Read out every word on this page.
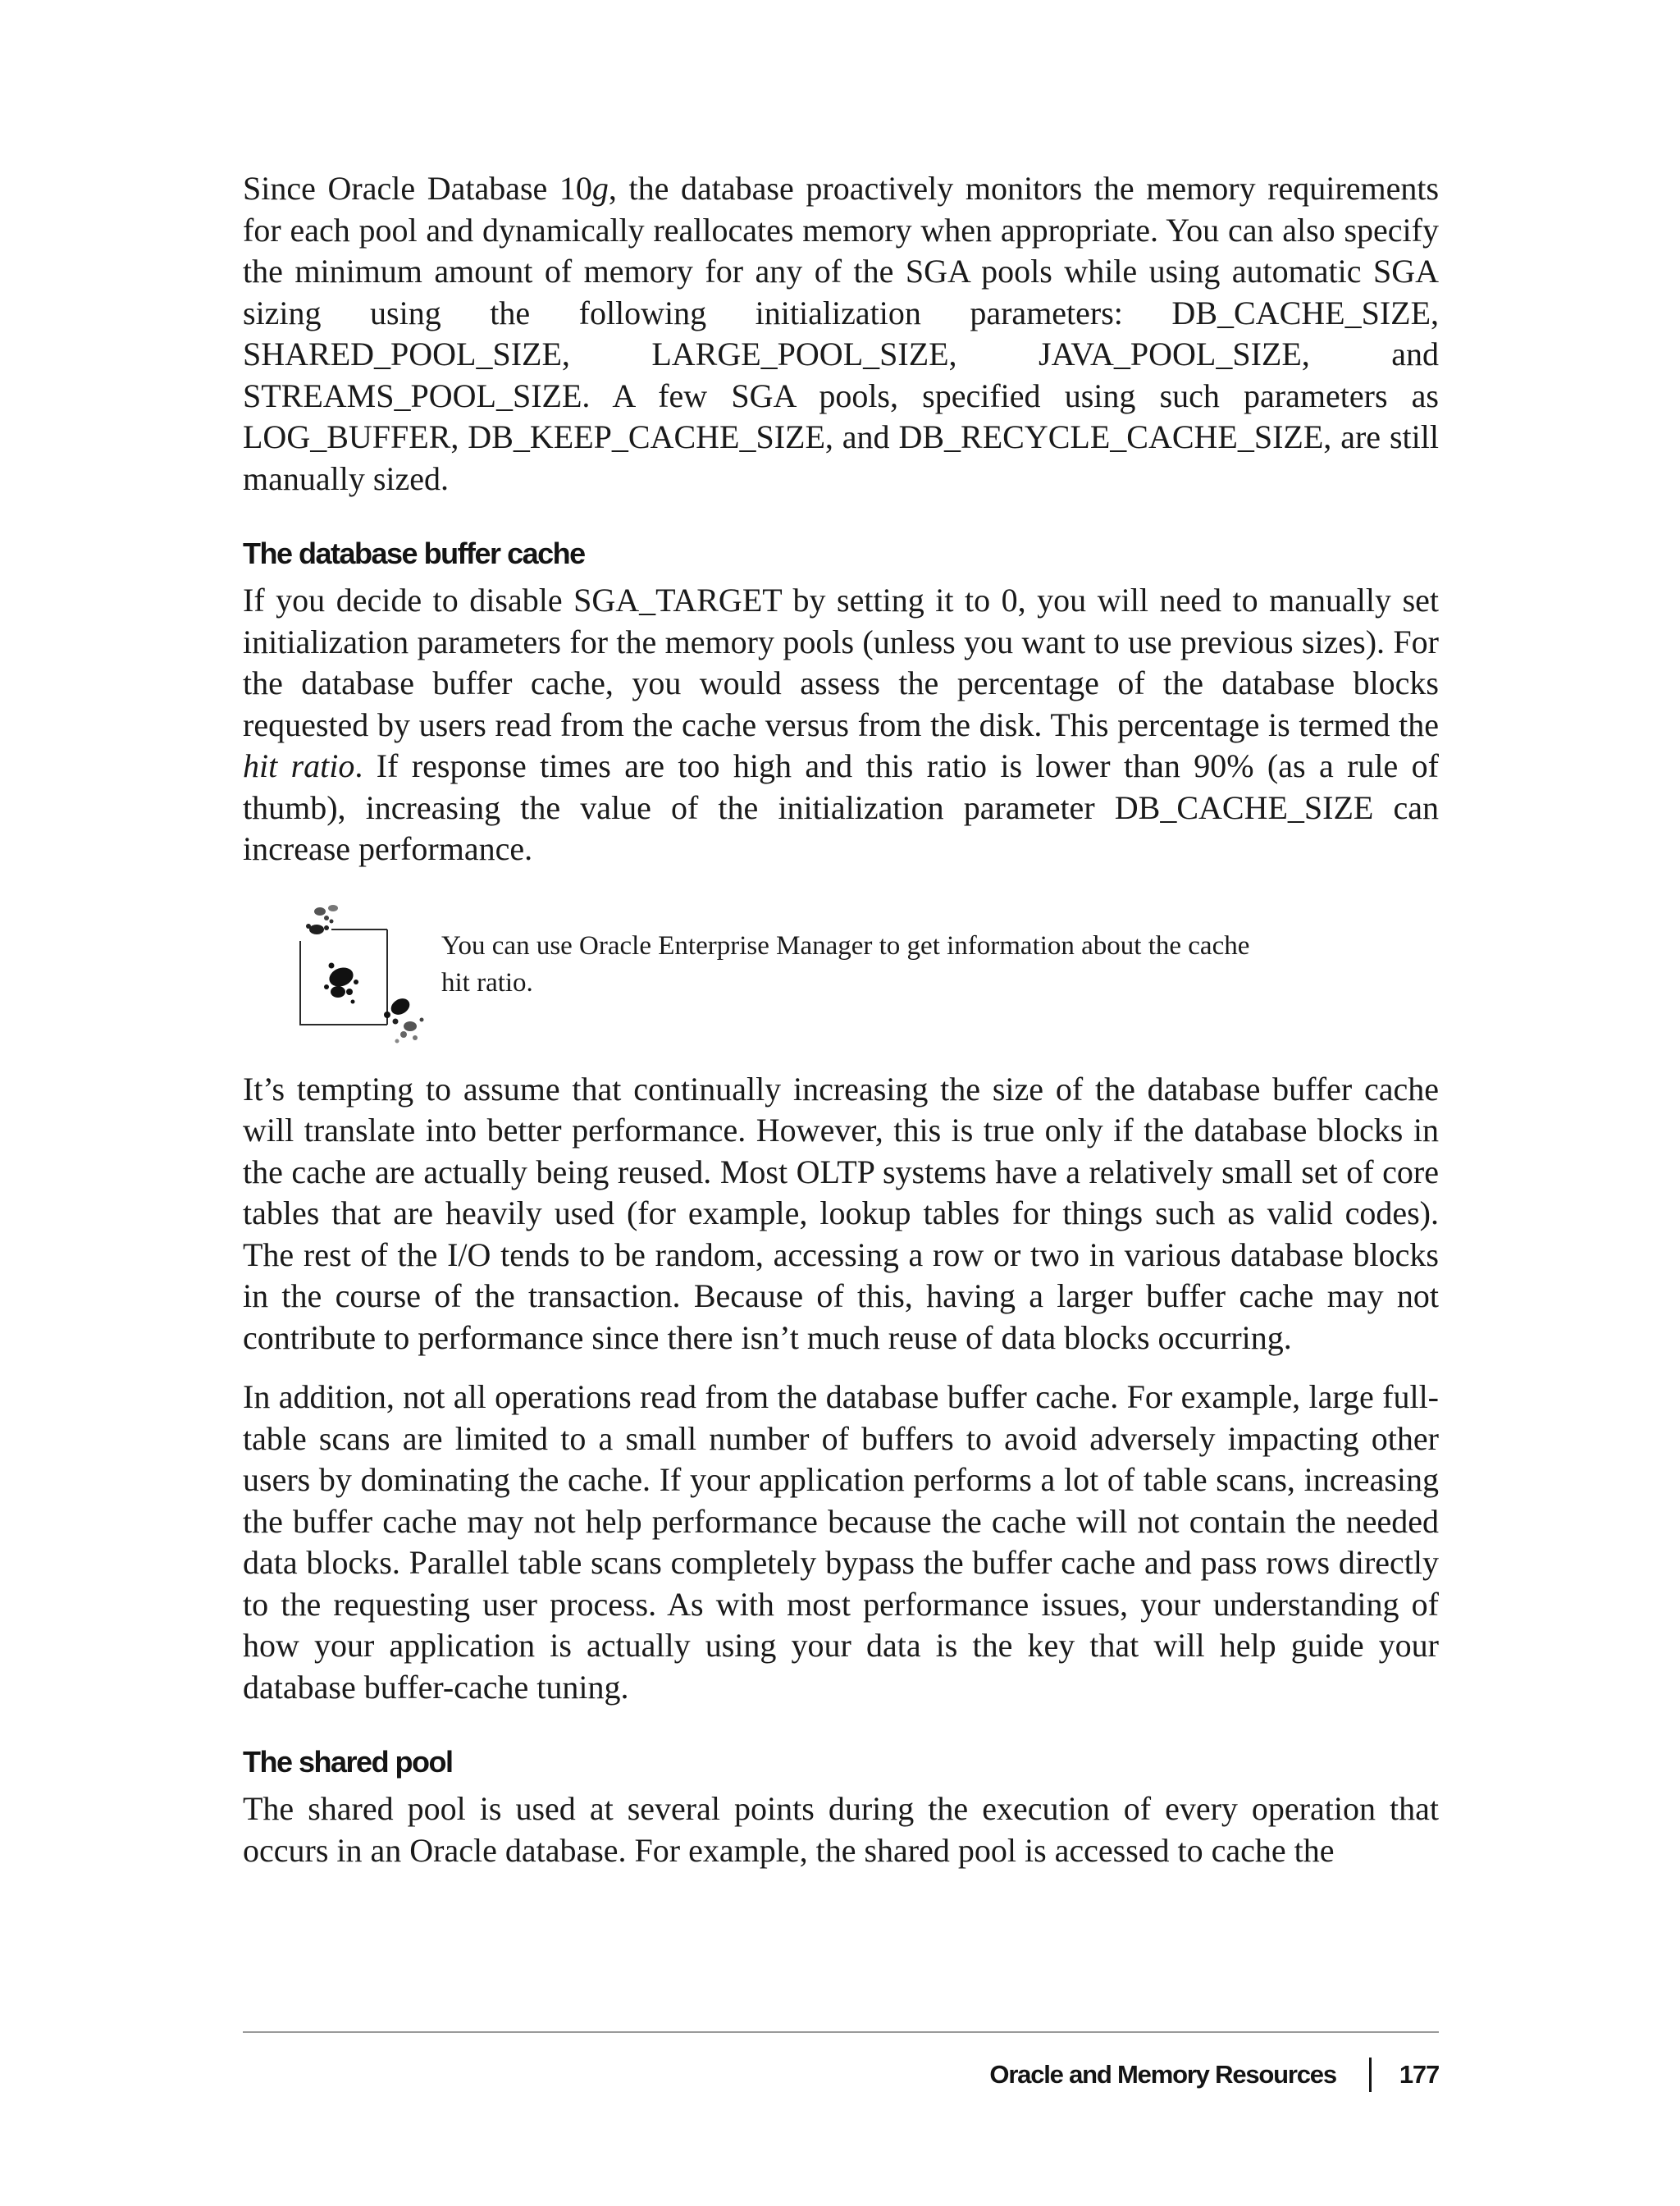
Since Oracle Database 10g, the database proactively monitors the memory requirements for each pool and dynamically reallocates memory when appropriate. You can also specify the minimum amount of memory for any of the SGA pools while using automatic SGA sizing using the following initialization parameters: DB_CACHE_​SIZE, SHARED_POOL_SIZE, LARGE_POOL_SIZE, JAVA_POOL_SIZE, and STREAMS_POOL_SIZE. A few SGA pools, specified using such parameters as LOG_BUFFER, DB_KEEP_CACHE_SIZE, and DB_RECYCLE_CACHE_SIZE, are still manually sized.

The database buffer cache

If you decide to disable SGA_TARGET by setting it to 0, you will need to manually set initialization parameters for the memory pools (unless you want to use previous sizes). For the database buffer cache, you would assess the percentage of the database blocks requested by users read from the cache versus from the disk. This percentage is termed the hit ratio. If response times are too high and this ratio is lower than 90% (as a rule of thumb), increasing the value of the initialization parameter DB_CACHE_SIZE can increase performance.

You can use Oracle Enterprise Manager to get information about the cache hit ratio.

It’s tempting to assume that continually increasing the size of the database buffer cache will translate into better performance. However, this is true only if the database blocks in the cache are actually being reused. Most OLTP systems have a relatively small set of core tables that are heavily used (for example, lookup tables for things such as valid codes). The rest of the I/O tends to be random, accessing a row or two in various database blocks in the course of the transaction. Because of this, having a larger buffer cache may not contribute to performance since there isn’t much reuse of data blocks occurring.

In addition, not all operations read from the database buffer cache. For example, large full-table scans are limited to a small number of buffers to avoid adversely impacting other users by dominating the cache. If your application performs a lot of table scans, increasing the buffer cache may not help performance because the cache will not contain the needed data blocks. Parallel table scans completely bypass the buffer cache and pass rows directly to the requesting user process. As with most performance issues, your understanding of how your application is actually using your data is the key that will help guide your database buffer-cache tuning.

The shared pool

The shared pool is used at several points during the execution of every operation that occurs in an Oracle database. For example, the shared pool is accessed to cache the

Oracle and Memory Resources 177
